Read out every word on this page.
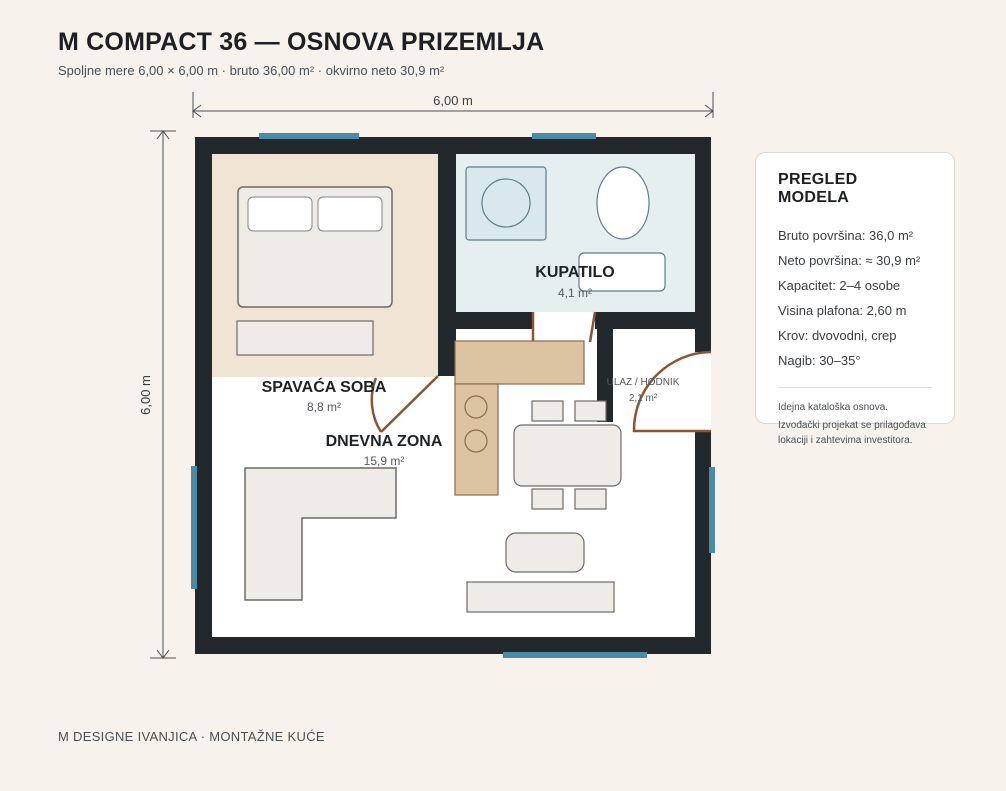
M COMPACT 36 — OSNOVA PRIZEMLJA
Spoljne mere 6,00 × 6,00 m · bruto 36,00 m² · okvirno neto 30,9 m²
6,00 m
6,00 m	SPAVAĆA SOBA
8,8 m²
KUPATILO
4,1 m²
DNEVNA ZONA
15,9 m²
ULAZ / HODNIK
2,1 m²
PREGLED MODELA
Bruto površina: 36,0 m²
Neto površina: ≈ 30,9 m²
Kapacitet: 2–4 osobe
Visina plafona: 2,60 m
Krov: dvovodni, crep
Nagib: 30–35°
Idejna kataloška osnova.
Izvođački projekat se prilagođava lokaciji i zahtevima investitora.
M DESIGNE IVANJICA · MONTAŽNE KUĆE
